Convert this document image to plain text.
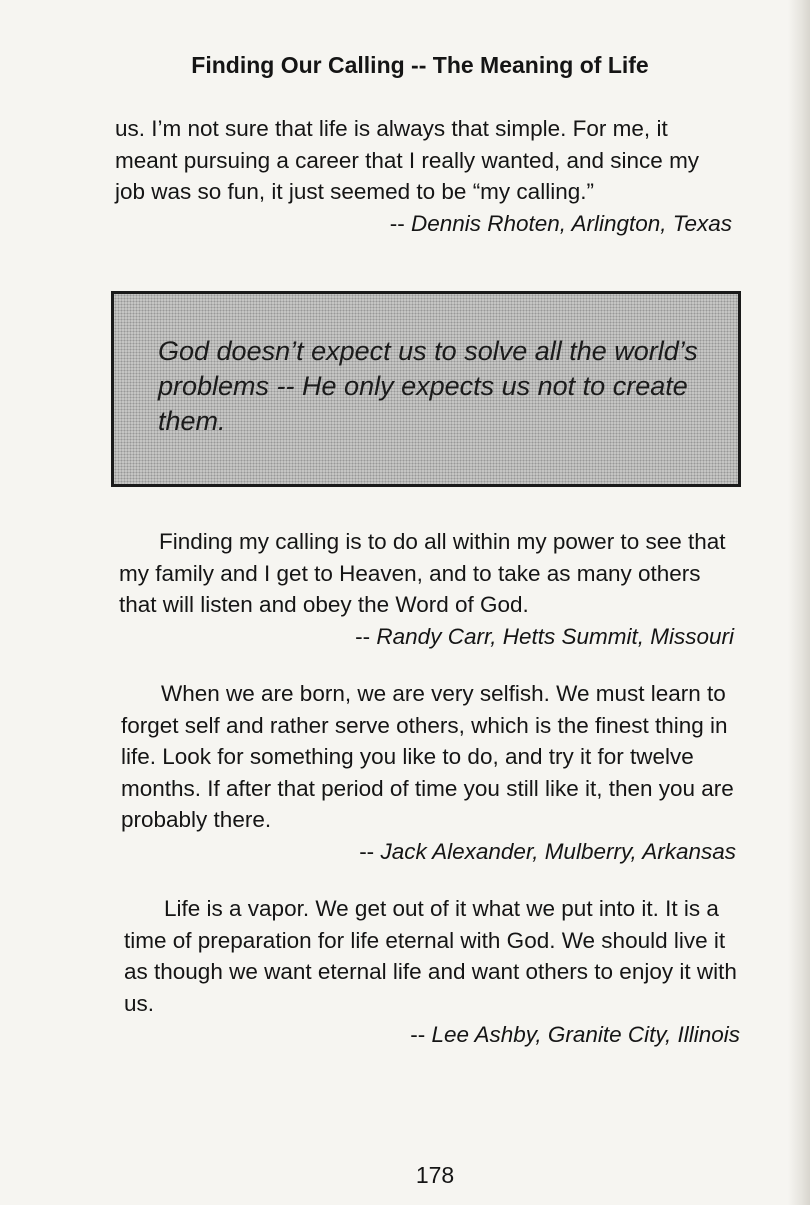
Finding Our Calling -- The Meaning of Life

us. I’m not sure that life is always that simple. For me, it meant pursuing a career that I really wanted, and since my job was so fun, it just seemed to be “my calling.”

-- Dennis Rhoten, Arlington, Texas
God doesn’t expect us to solve all the world’s problems -- He only expects us not to create them.

Finding my calling is to do all within my power to see that my family and I get to Heaven, and to take as many others that will listen and obey the Word of God.

-- Randy Carr, Hetts Summit, Missouri

When we are born, we are very selfish. We must learn to forget self and rather serve others, which is the finest thing in life. Look for something you like to do, and try it for twelve months. If after that period of time you still like it, then you are probably there.

-- Jack Alexander, Mulberry, Arkansas

Life is a vapor. We get out of it what we put into it. It is a time of preparation for life eternal with God. We should live it as though we want eternal life and want others to enjoy it with us.

-- Lee Ashby, Granite City, Illinois
178
